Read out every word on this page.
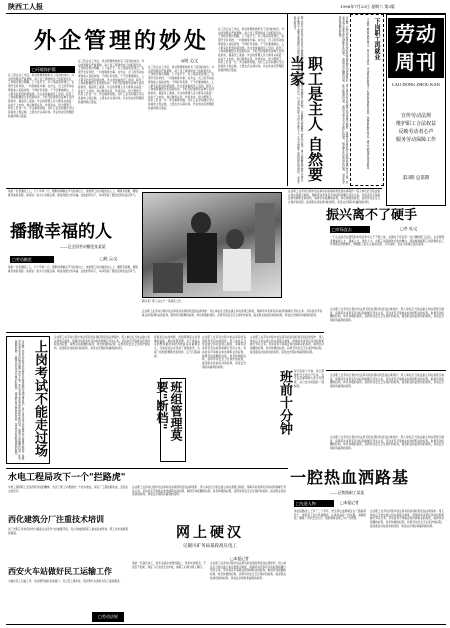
陕西工人报	1998年7月23日 星期六 第3版
外企管理的妙处
◎晓 文/文
□环境保护篇
在三资企业工作后，我对管理和效率有了深刻的体会。外企的管理以严格著称，每个员工都清楚自己的职责所在，工作程序规范明确，上下班打卡，办公用品领用登记，各项开支有审批，一切按制度办事。在外企，员工的劳动成果和收入直接挂钩，干得好有奖励，干不好要被淘汰，人人都有危机感和紧迫感。外企非常重视员工培训，新员工上岗前都要经过系统的培训，平时还经常组织各种专业技能培训，提高员工素质。外企的管理人员大都是从基层一步步干上来的，他们熟悉业务，作风务实，很少摆架子，和员工打成一片。外企重视沟通，有什么意见和建议可以直接向上级反映，上级也会认真对待。外企的这些管理经验值得我们借鉴。
在三资企业工作后，我对管理和效率有了深刻的体会。外企的管理以严格著称，每个员工都清楚自己的职责所在，工作程序规范明确，上下班打卡，办公用品领用登记，各项开支有审批，一切按制度办事。在外企，员工的劳动成果和收入直接挂钩，干得好有奖励，干不好要被淘汰，人人都有危机感和紧迫感。外企非常重视员工培训，新员工上岗前都要经过系统的培训，平时还经常组织各种专业技能培训，提高员工素质。外企的管理人员大都是从基层一步步干上来的，他们熟悉业务，作风务实，很少摆架子，和员工打成一片。外企重视沟通，有什么意见和建议可以直接向上级反映，上级也会认真对待。外企的这些管理经验值得我们借鉴。
在三资企业工作后，我对管理和效率有了深刻的体会。外企的管理以严格著称，每个员工都清楚自己的职责所在，工作程序规范明确，上下班打卡，办公用品领用登记，各项开支有审批，一切按制度办事。在外企，员工的劳动成果和收入直接挂钩，干得好有奖励，干不好要被淘汰，人人都有危机感和紧迫感。外企非常重视员工培训，新员工上岗前都要经过系统的培训，平时还经常组织各种专业技能培训，提高员工素质。外企的管理人员大都是从基层一步步干上来的，他们熟悉业务，作风务实，很少摆架子，和员工打成一片。外企重视沟通，有什么意见和建议可以直接向上级反映，上级也会认真对待。外企的这些管理经验值得我们借鉴。
在三资企业工作后，我对管理和效率有了深刻的体会。外企的管理以严格著称，每个员工都清楚自己的职责所在，工作程序规范明确，上下班打卡，办公用品领用登记，各项开支有审批，一切按制度办事。在外企，员工的劳动成果和收入直接挂钩，干得好有奖励，干不好要被淘汰，人人都有危机感和紧迫感。外企非常重视员工培训，新员工上岗前都要经过系统的培训，平时还经常组织各种专业技能培训，提高员工素质。外企的管理人员大都是从基层一步步干上来的，他们熟悉业务，作风务实，很少摆架子，和员工打成一片。外企重视沟通，有什么意见和建议可以直接向上级反映，上级也会认真对待。外企的这些管理经验值得我们借鉴。	职工是主人 自然要当家
职工代表大会是企业实行民主管理的基本形式，是职工行使民主管理权力的机构。企业要依法保障职工的民主权利，重大问题要提交职代会审议，企业领导干部要定期向职代会报告工作，接受职工群众的监督和评议。只有真正把职工当作企业的主人，充分发挥职工的积极性和创造性，企业才能兴旺发达。	企业职工在劳动过程中依法享有的各项权利受到法律保护。用人单位应当依法建立和完善规章制度，保障劳动者享有劳动权利和履行劳动义务。劳动者有平等就业和选择职业的权利，取得劳动报酬的权利，休息休假的权利，获得劳动安全卫生保护的权利，接受职业技能培训的权利，享受社会保险和福利的权利。	下岗职工再就业
下岗职工要转变就业观念，树立自主择业、市场就业的新观念，积极参加再就业培训，掌握新的职业技能，通过多种渠道实现再就业。	劳动周刊
LAO DONG ZHOU KAN
宣传劳动法规
维护职工合法权益
反映劳动者心声
服务劳动保障工作
第3期 总第期
他是一名普通的工人，几十年如一日，默默地奉献在平凡的岗位上。他把职工的冷暖放在心上，哪里有困难，哪里就有他的身影。他常说：能为大家做点事，就是我最大的幸福。在他的带动下，车间形成了团结互助的良好风气。
播撒幸福的人
——记全国劳动模范张某某
□劳动模范	□晓 云/文
他是一名普通的工人，几十年如一日，默默地奉献在平凡的岗位上。他把职工的冷暖放在心上，哪里有困难，哪里就有他的身影。他常说：能为大家做点事，就是我最大的幸福。在他的带动下，车间形成了团结互助的良好风气。
图为某厂职工在生产一线紧张工作。
企业职工在劳动过程中依法享有的各项权利受到法律保护。用人单位应当依法建立和完善规章制度，保障劳动者享有劳动权利和履行劳动义务。劳动者有平等就业和选择职业的权利，取得劳动报酬的权利，休息休假的权利，获得劳动安全卫生保护的权利，接受职业技能培训的权利，享受社会保险和福利的权利。
振兴离不了硬手
□市场直击	□李 奇/文
一个企业能否在激烈的市场竞争中立于不败之地，关键在于有没有一支过硬的职工队伍。企业管理者要重视人才，尊重人才，用好人才，为职工创造施展才能的舞台。同时要加强职工的思想政治工作和职业道德教育，增强职工的主人翁责任感。只有这样，企业才能真正振兴起来。
企业职工在劳动过程中依法享有的各项权利受到法律保护。用人单位应当依法建立和完善规章制度，保障劳动者享有劳动权利和履行劳动义务。劳动者有平等就业和选择职业的权利，取得劳动报酬的权利，休息休假的权利，获得劳动安全卫生保护的权利，接受职业技能培训的权利，享受社会保险和福利的权利。
企业职工在劳动过程中依法享有的各项权利受到法律保护。用人单位应当依法建立和完善规章制度，保障劳动者享有劳动权利和履行劳动义务。劳动者有平等就业和选择职业的权利，取得劳动报酬的权利，休息休假的权利，获得劳动安全卫生保护的权利，接受职业技能培训的权利，享受社会保险和福利的权利。
上岗考试不能走过场
企业职工在劳动过程中依法享有的各项权利受到法律保护。用人单位应当依法建立和完善规章制度，保障劳动者享有劳动权利和履行劳动义务。劳动者有平等就业和选择职业的权利，取得劳动报酬的权利，休息休假的权利，获得劳动安全卫生保护的权利，接受职业技能培训的权利，享受社会保险和福利的权利。
企业职工在劳动过程中依法享有的各项权利受到法律保护。用人单位应当依法建立和完善规章制度，保障劳动者享有劳动权利和履行劳动义务。劳动者有平等就业和选择职业的权利，取得劳动报酬的权利，休息休假的权利，获得劳动安全卫生保护的权利，接受职业技能培训的权利，享受社会保险和福利的权利。
班组是企业的细胞，班组管理是企业管理的基础。搞好班组管理，对于提高企业的整体素质和经济效益具有重要意义。当前有的企业忽视了班组建设，出现了班组管理断档的现象，应当引起重视。
班组管理莫要"断档"
企业职工在劳动过程中依法享有的各项权利受到法律保护。用人单位应当依法建立和完善规章制度，保障劳动者享有劳动权利和履行劳动义务。劳动者有平等就业和选择职业的权利，取得劳动报酬的权利，休息休假的权利，获得劳动安全卫生保护的权利，接受职业技能培训的权利，享受社会保险和福利的权利。
企业职工在劳动过程中依法享有的各项权利受到法律保护。用人单位应当依法建立和完善规章制度，保障劳动者享有劳动权利和履行劳动义务。劳动者有平等就业和选择职业的权利，取得劳动报酬的权利，休息休假的权利，获得劳动安全卫生保护的权利，接受职业技能培训的权利，享受社会保险和福利的权利。
班前十分钟 每天班前十分钟，班长都要把当天的生产任务、安全注意事项向大家交代清楚，这已成为班组的一项制度。
企业职工在劳动过程中依法享有的各项权利受到法律保护。用人单位应当依法建立和完善规章制度，保障劳动者享有劳动权利和履行劳动义务。劳动者有平等就业和选择职业的权利，取得劳动报酬的权利，休息休假的权利，获得劳动安全卫生保护的权利，接受职业技能培训的权利，享受社会保险和福利的权利。
一腔热血洒路基
——记铁路职工某某
□先进人物	□本报记者
他在铁路线上工作了二十多年，把全部心血都倾注在了路基养护上。他带领工友们风餐露宿，认真检查每一段线路，消除隐患，确保了列车安全运行。他的事迹在职工中广为传颂。
企业职工在劳动过程中依法享有的各项权利受到法律保护。用人单位应当依法建立和完善规章制度，保障劳动者享有劳动权利和履行劳动义务。劳动者有平等就业和选择职业的权利，取得劳动报酬的权利，休息休假的权利，获得劳动安全卫生保护的权利，接受职业技能培训的权利，享受社会保险和福利的权利。
企业职工在劳动过程中依法享有的各项权利受到法律保护。用人单位应当依法建立和完善规章制度，保障劳动者享有劳动权利和履行劳动义务。劳动者有平等就业和选择职业的权利，取得劳动报酬的权利，休息休假的权利，获得劳动安全卫生保护的权利，接受职业技能培训的权利，享受社会保险和福利的权利。
水电工程局攻下一个"拦路虎"
水电工程局职工发扬连续作战的精神，攻克了施工中遇到的一个技术难关，保证了工程按期完成，受到业主的好评。
西化建筑分厂注重技术培训
该厂把职工技术培训作为提高企业竞争力的重要手段，有计划地组织职工参加各类培训，职工技术素质明显提高。
西安火车站做好民工运输工作
为做好民工运输工作，车站增开临时售票窗口，设立民工候车室，组织青年志愿者为民工提供服务。
企业职工在劳动过程中依法享有的各项权利受到法律保护。用人单位应当依法建立和完善规章制度，保障劳动者享有劳动权利和履行劳动义务。劳动者有平等就业和选择职业的权利，取得劳动报酬的权利，休息休假的权利，获得劳动安全卫生保护的权利，接受职业技能培训的权利，享受社会保险和福利的权利。
网上硬汉
记铜川矿务局某段高压电工
□本报记者
他是一名高压电工，常年奋战在电网线路上，风里来雨里去，不怕苦不怕累，保证了矿区的安全供电，被职工们称为网上硬汉。
企业职工在劳动过程中依法享有的各项权利受到法律保护。用人单位应当依法建立和完善规章制度，保障劳动者享有劳动权利和履行劳动义务。劳动者有平等就业和选择职业的权利，取得劳动报酬的权利，休息休假的权利，获得劳动安全卫生保护的权利，接受职业技能培训的权利，享受社会保险和福利的权利。
□劳动法规
